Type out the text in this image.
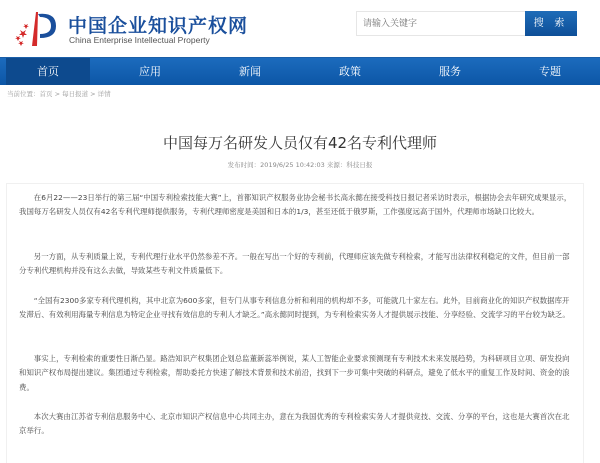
中国企业知识产权网
China Enterprise Intellectual Property
请输入关键字
搜 索
首页	应用	新闻	政策	服务	专题
当前位置：首页 > 每日报道 > 详情
中国每万名研发人员仅有42名专利代理师
发布时间：2019/6/25 10:42:03 来源：科技日报

在6月22——23日举行的第三届“中国专利检索技能大赛”上，首都知识产权服务业协会秘书长高永懿在接受科技日报记者采访时表示，根据协会去年研究成果显示，我国每万名研发人员仅有42名专利代理师提供服务，专利代理师密度是美国和日本的1/3，甚至还低于俄罗斯，工作强度远高于国外，代理师市场缺口比较大。

另一方面，从专利质量上说，专利代理行业水平仍然参差不齐。一般在写出一个好的专利前，代理师应该先做专利检索，才能写出法律权利稳定的文件，但目前一部分专利代理机构并没有这么去做，导致某些专利文件质量低下。

“全国有2300多家专利代理机构，其中北京为600多家，但专门从事专利信息分析和利用的机构却不多，可能就几十家左右。此外，目前商业化的知识产权数据库开发滞后、有效利用海量专利信息为特定企业寻找有效信息的专利人才缺乏。”高永懿同时提到，为专利检索实务人才提供展示技能、分享经验、交流学习的平台较为缺乏。

事实上，专利检索的重要性日渐凸显。路浩知识产权集团企划总监董新蕊举例说，某人工智能企业要求预测现有专利技术未来发展趋势，为科研项目立项、研发投向和知识产权布局提出建议。集团通过专利检索，帮助委托方快速了解技术背景和技术前沿，找到下一步可集中突破的科研点，避免了低水平的重复工作及时间、资金的浪费。

本次大赛由江苏省专利信息服务中心、北京市知识产权信息中心共同主办，意在为我国优秀的专利检索实务人才提供竞技、交流、分享的平台，这也是大赛首次在北京举行。
